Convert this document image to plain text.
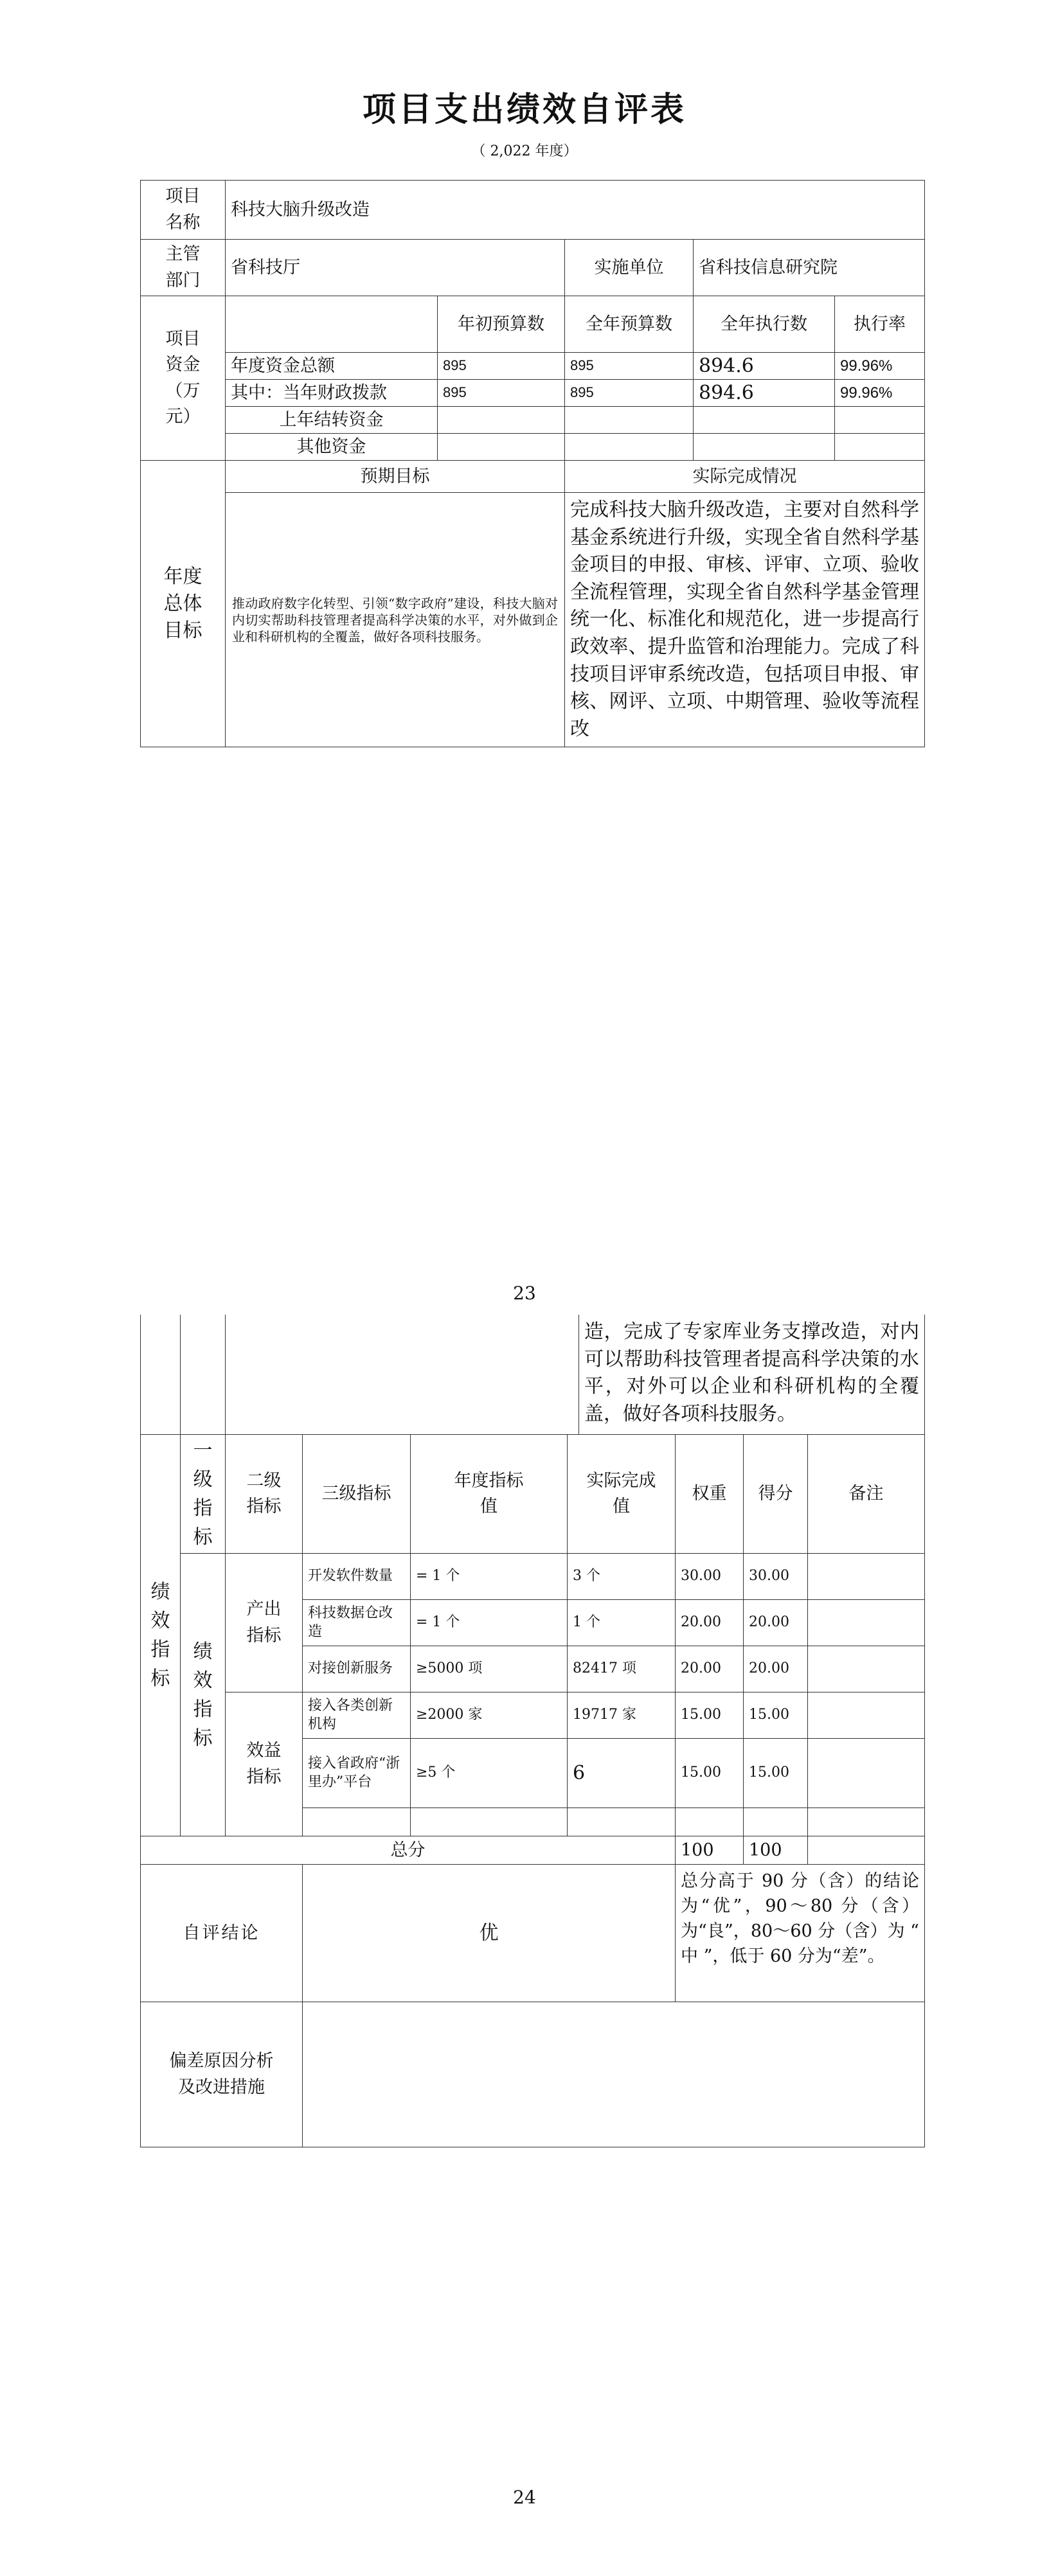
项目支出绩效自评表
（ 2,022 年度）
项目名称	科技大脑升级改造				
主管部门	省科技厅		实施单位	省科技信息研究院	
项目资金（万元）		年初预算数	全年预算数	全年执行数	执行率
	年度资金总额	895	895	894.6	99.96%
	其中：当年财政拨款	895	895	894.6	99.96%
	上年结转资金				
	其他资金				
年度总体目标	预期目标		实际完成情况		
	推动政府数字化转型、引领“数字政府”建设，科技大脑对内切实帮助科技管理者提高科学决策的水平，对外做到企业和科研机构的全覆盖，做好各项科技服务。		完成科技大脑升级改造，主要对自然科学基金系统进行升级，实现全省自然科学基金项目的申报、审核、评审、立项、验收全流程管理，实现全省自然科学基金管理统一化、标准化和规范化，进一步提高行政效率、提升监管和治理能力。完成了科技项目评审系统改造，包括项目申报、审核、网评、立项、中期管理、验收等流程改		
23
			造，完成了专家库业务支撑改造，对内可以帮助科技管理者提高科学决策的水平，对外可以企业和科研机构的全覆盖，做好各项科技服务。
绩效指标	一级指标	二级指标	三级指标	年度指标值	实际完成值	权重	得分	备注
	绩效指标	产出指标	开发软件数量	= 1 个	3 个	30.00	30.00	
			科技数据仓改造	= 1 个	1 个	20.00	20.00	
			对接创新服务	≥5000 项	82417 项	20.00	20.00	
		效益指标	接入各类创新机构	≥2000 家	19717 家	15.00	15.00	
			接入省政府“浙里办”平台	≥5 个	6	15.00	15.00	

总分						100	100	
自评结论			优			总分高于 90 分（含）的结论为“优”，90～80 分（含）为“良”，80～60 分（含）为 “ 中 ”，低于 60 分为“差”。		
偏差原因分析及改进措施								
24
